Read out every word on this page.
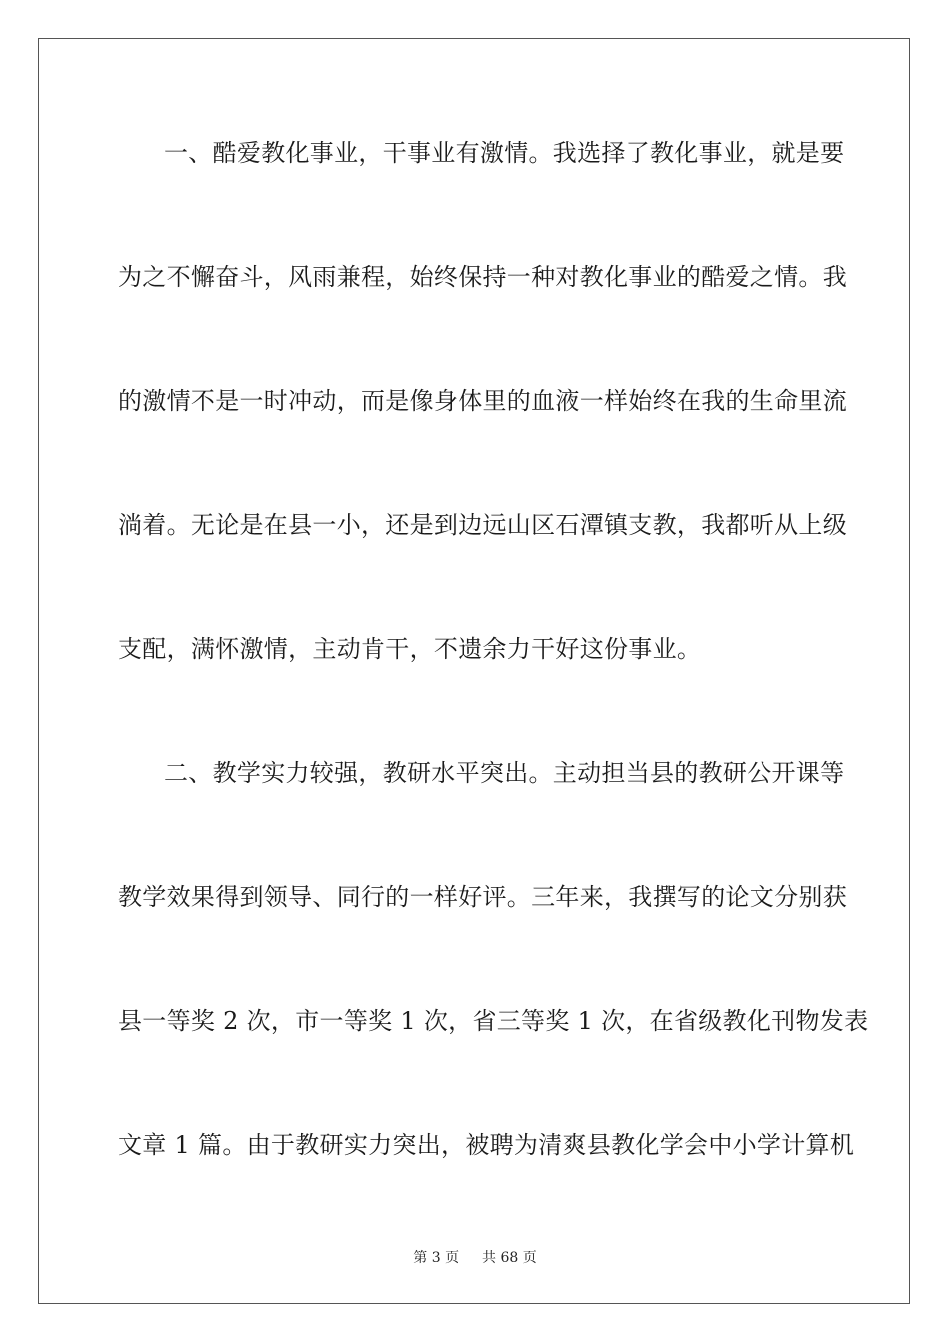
一、酷爱教化事业，干事业有激情。我选择了教化事业，就是要
为之不懈奋斗，风雨兼程，始终保持一种对教化事业的酷爱之情。我
的激情不是一时冲动，而是像身体里的血液一样始终在我的生命里流
淌着。无论是在县一小，还是到边远山区石潭镇支教，我都听从上级
支配，满怀激情，主动肯干，不遗余力干好这份事业。
二、教学实力较强，教研水平突出。主动担当县的教研公开课等
教学效果得到领导、同行的一样好评。三年来，我撰写的论文分别获
县一等奖 2 次，市一等奖 1 次，省三等奖 1 次，在省级教化刊物发表
文章 1 篇。由于教研实力突出，被聘为清爽县教化学会中小学计算机
第 3 页 共 68 页
